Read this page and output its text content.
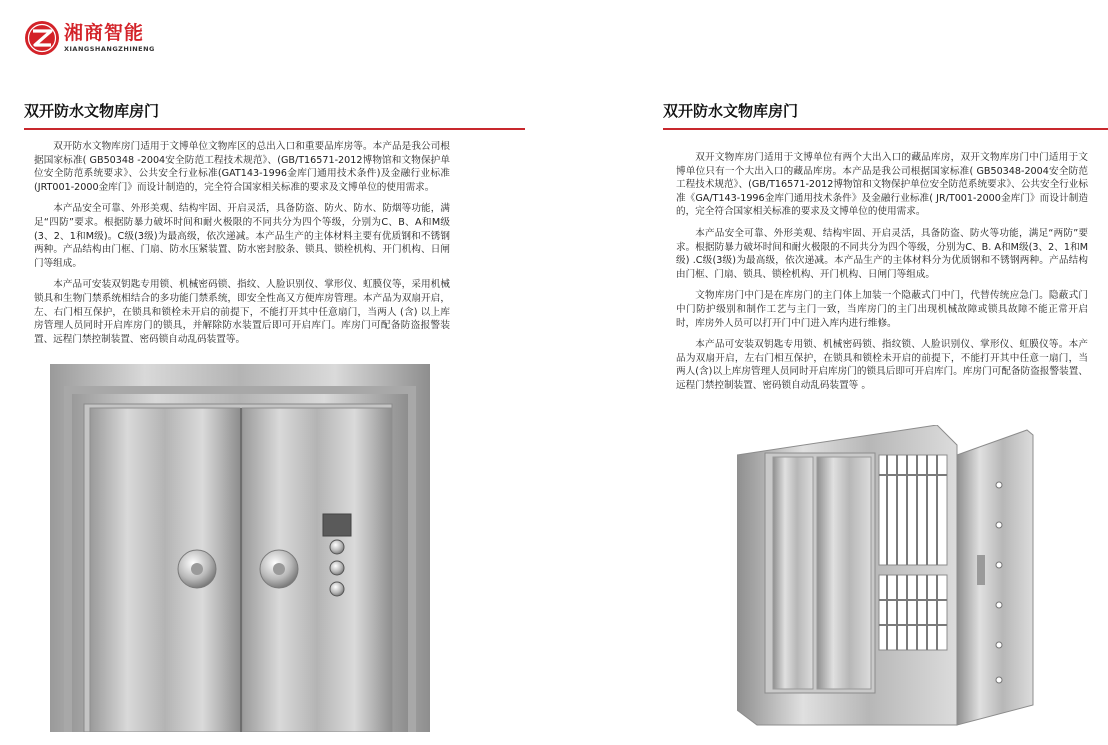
湘商智能
XIANGSHANGZHINENG
双开防水文物库房门

双开防水文物库房门适用于文博单位文物库区的总出入口和重要品库房等。本产品是我公司根据国家标准( GB50348 -2004安全防范工程技术规范》、(GB/T16571-2012博物馆和文物保护单位安全防范系统要求》、公共安全行业标准(GAT143-1996金库门通用技术条件)及金融行业标准(JRT001-2000金库门》而设计制造的，完全符合国家相关标准的要求及文博单位的使用需求。

本产品安全可靠、外形美观、结构牢固、开启灵活，具备防盗、防火、防水、防烟等功能，满足“四防”要求。根据防暴力破坏时间和耐火极限的不同共分为四个等级，分别为C、B、A和M级(3、2、1和M级)。C级(3级)为最高级，依次递减。本产品生产的主体材料主要有优质钢和不锈钢两种。产品结构由门框、门扇、防水压紧装置、防水密封胶条、锁具、锁栓机构、开门机构、日闸门等组成。

本产品可安装双钥匙专用锁、机械密码锁、指纹、人脸识别仪、掌形仪、虹膜仪等，采用机械锁具和生物门禁系统相结合的多功能门禁系统，即安全性高又方便库房管理。本产品为双扇开启，左、右门相互保护，在锁具和锁栓未开启的前提下，不能打开其中任意扇门，当两人 (含) 以上库房管理人员同时开启库房门的锁具，并解除防水装置后即可开启库门。库房门可配备防盗报警装置、远程门禁控制装置、密码锁自动乱码装置等。

双开防水文物库房门

双开文物库房门适用于文博单位有两个大出入口的藏品库房，双开文物库房门中门适用于文博单位只有一个大出入口的藏品库房。本产品是我公司根据国家标准( GB50348-2004安全防范工程技术规范》、(GB/T16571-2012博物馆和文物保护单位安全防范系统要求》、公共安全行业标准《GA/T143-1996金库门通用技术条件》及金融行业标准( JR/T001-2000金库门》而设计制造的，完全符合国家相关标准的要求及文博单位的使用需求。

本产品安全可靠、外形美观、结构牢固、开启灵活，具备防盗、防火等功能，满足“两防”要求。根据防暴力破坏时间和耐火极限的不同共分为四个等级，分别为C、B. A和M级(3、2、1和M级) .C级(3级)为最高级，依次递减。本产品生产的主体材料分为优质钢和不锈钢两种。产品结构由门框、门扇、锁具、锁栓机构、开门机构、日闸门等组成。

文物库房门中门是在库房门的主门体上加装一个隐蔽式门中门，代替传统应急门。隐蔽式门中门防护级别和制作工艺与主门一致，当库房门的主门出现机械故障或锁具故障不能正常开启时，库房外人员可以打开门中门进入库内进行维修。

本产品可安装双钥匙专用锁、机械密码锁、指纹锁、人脸识别仪、掌形仪、虹膜仪等。本产品为双扇开启，左右门相互保护，在锁具和锁栓未开启的前提下，不能打开其中任意一扇门，当两人(含)以上库房管理人员同时开启库房门的锁具后即可开启库门。库房门可配备防盗报警装置、 远程门禁控制装置、密码锁自动乱码装置等 。
